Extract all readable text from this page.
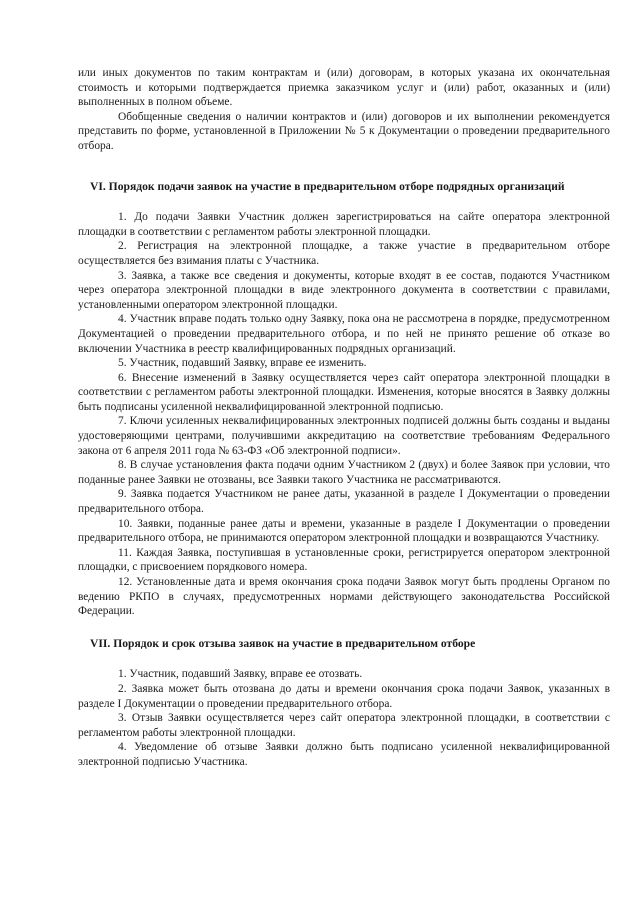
или иных документов по таким контрактам и (или) договорам, в которых указана их окончательная стоимость и которыми подтверждается приемка заказчиком услуг и (или) работ, оказанных и (или) выполненных в полном объеме.

Обобщенные сведения о наличии контрактов и (или) договоров и их выполнении рекомендуется представить по форме, установленной в Приложении № 5 к Документации о проведении предварительного отбора.

VI. Порядок подачи заявок на участие в предварительном отборе подрядных организаций

1. До подачи Заявки Участник должен зарегистрироваться на сайте оператора электронной площадки в соответствии с регламентом работы электронной площадки.

2. Регистрация на электронной площадке, а также участие в предварительном отборе осуществляется без взимания платы с Участника.

3. Заявка, а также все сведения и документы, которые входят в ее состав, подаются Участником через оператора электронной площадки в виде электронного документа в соответствии с правилами, установленными оператором электронной площадки.

4. Участник вправе подать только одну Заявку, пока она не рассмотрена в порядке, предусмотренном Документацией о проведении предварительного отбора, и по ней не принято решение об отказе во включении Участника в реестр квалифицированных подрядных организаций.

5. Участник, подавший Заявку, вправе ее изменить.

6. Внесение изменений в Заявку осуществляется через сайт оператора электронной площадки в соответствии с регламентом работы электронной площадки. Изменения, которые вносятся в Заявку должны быть подписаны усиленной неквалифицированной электронной подписью.

7. Ключи усиленных неквалифицированных электронных подписей должны быть созданы и выданы удостоверяющими центрами, получившими аккредитацию на соответствие требованиям Федерального закона от 6 апреля 2011 года № 63-ФЗ «Об электронной подписи».

8. В случае установления факта подачи одним Участником 2 (двух) и более Заявок при условии, что поданные ранее Заявки не отозваны, все Заявки такого Участника не рассматриваются.

9. Заявка подается Участником не ранее даты, указанной в разделе I Документации о проведении предварительного отбора.

10. Заявки, поданные ранее даты и времени, указанные в разделе I Документации о проведении предварительного отбора, не принимаются оператором электронной площадки и возвращаются Участнику.

11. Каждая Заявка, поступившая в установленные сроки, регистрируется оператором электронной площадки, с присвоением порядкового номера.

12. Установленные дата и время окончания срока подачи Заявок могут быть продлены Органом по ведению РКПО в случаях, предусмотренных нормами действующего законодательства Российской Федерации.

VII. Порядок и срок отзыва заявок на участие в предварительном отборе

1. Участник, подавший Заявку, вправе ее отозвать.

2. Заявка может быть отозвана до даты и времени окончания срока подачи Заявок, указанных в разделе I Документации о проведении предварительного отбора.

3. Отзыв Заявки осуществляется через сайт оператора электронной площадки, в соответствии с регламентом работы электронной площадки.

4. Уведомление об отзыве Заявки должно быть подписано усиленной неквалифицированной электронной подписью Участника.
